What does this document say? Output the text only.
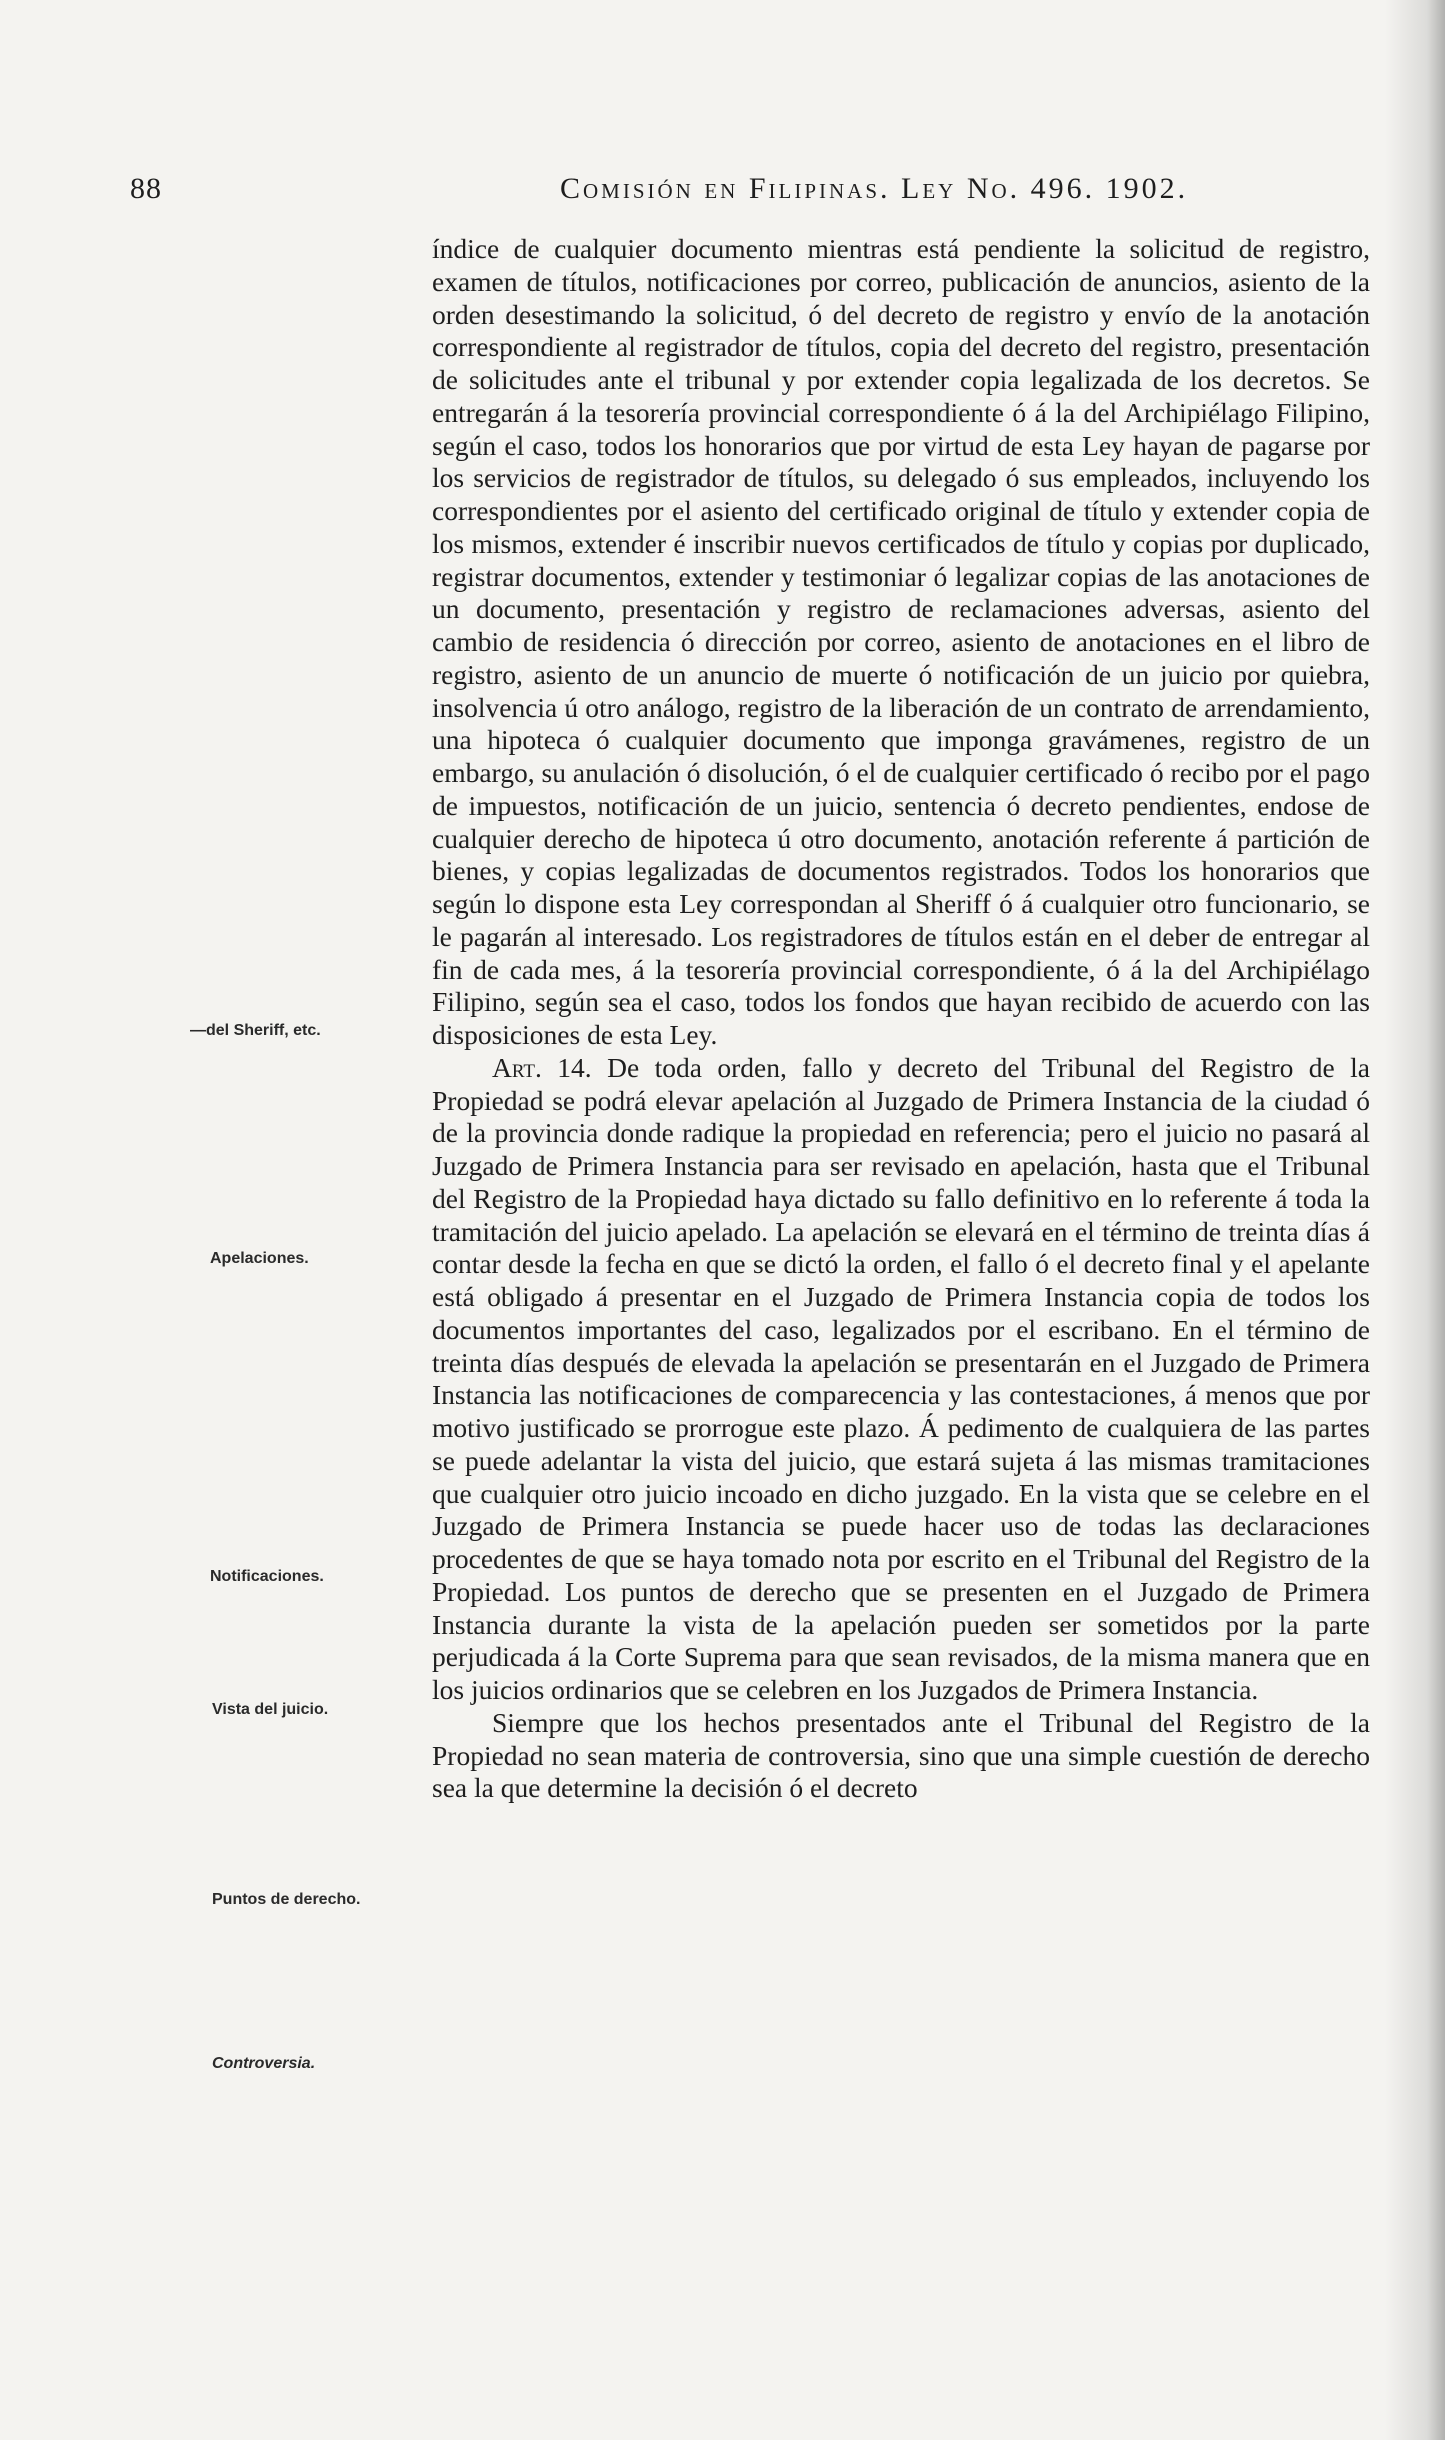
88	Comisión en Filipinas. Ley No. 496. 1902.
—del Sheriff, etc.
Apelaciones.
Notificaciones.
Vista del juicio.
Puntos de derecho.
Controversia.

índice de cualquier documento mientras está pendiente la solicitud de registro, examen de títulos, notificaciones por correo, publicación de anuncios, asiento de la orden desestimando la solicitud, ó del decreto de registro y envío de la anotación correspondiente al registrador de títulos, copia del decreto del registro, presentación de solicitudes ante el tribunal y por extender copia legalizada de los decretos. Se entregarán á la tesorería provincial correspondiente ó á la del Archipiélago Filipino, según el caso, todos los honorarios que por virtud de esta Ley hayan de pagarse por los servicios de registrador de títulos, su delegado ó sus empleados, incluyendo los correspondientes por el asiento del certificado original de título y extender copia de los mismos, extender é inscribir nuevos certificados de título y copias por duplicado, registrar documentos, extender y testimoniar ó legalizar copias de las anotaciones de un documento, presentación y registro de reclamaciones adversas, asiento del cambio de residencia ó dirección por correo, asiento de anotaciones en el libro de registro, asiento de un anuncio de muerte ó notificación de un juicio por quiebra, insolvencia ú otro análogo, registro de la liberación de un contrato de arrendamiento, una hipoteca ó cualquier documento que imponga gravámenes, registro de un embargo, su anulación ó disolución, ó el de cualquier certificado ó recibo por el pago de impuestos, notificación de un juicio, sentencia ó decreto pendientes, endose de cualquier derecho de hipoteca ú otro documento, anotación referente á partición de bienes, y copias legalizadas de documentos registrados. Todos los honorarios que según lo dispone esta Ley correspondan al Sheriff ó á cualquier otro funcionario, se le pagarán al interesado. Los registradores de títulos están en el deber de entregar al fin de cada mes, á la tesorería provincial correspondiente, ó á la del Archipiélago Filipino, según sea el caso, todos los fondos que hayan recibido de acuerdo con las disposiciones de esta Ley.

Art. 14. De toda orden, fallo y decreto del Tribunal del Registro de la Propiedad se podrá elevar apelación al Juzgado de Primera Instancia de la ciudad ó de la provincia donde radique la propiedad en referencia; pero el juicio no pasará al Juzgado de Primera Instancia para ser revisado en apelación, hasta que el Tribunal del Registro de la Propiedad haya dictado su fallo definitivo en lo referente á toda la tramitación del juicio apelado. La apelación se elevará en el término de treinta días á contar desde la fecha en que se dictó la orden, el fallo ó el decreto final y el apelante está obligado á presentar en el Juzgado de Primera Instancia copia de todos los documentos importantes del caso, legalizados por el escribano. En el término de treinta días después de elevada la apelación se presentarán en el Juzgado de Primera Instancia las notificaciones de comparecencia y las contestaciones, á menos que por motivo justificado se prorrogue este plazo. Á pedimento de cualquiera de las partes se puede adelantar la vista del juicio, que estará sujeta á las mismas tramitaciones que cualquier otro juicio incoado en dicho juzgado. En la vista que se celebre en el Juzgado de Primera Instancia se puede hacer uso de todas las declaraciones procedentes de que se haya tomado nota por escrito en el Tribunal del Registro de la Propiedad. Los puntos de derecho que se presenten en el Juzgado de Primera Instancia durante la vista de la apelación pueden ser sometidos por la parte perjudicada á la Corte Suprema para que sean revisados, de la misma manera que en los juicios ordinarios que se celebren en los Juzgados de Primera Instancia.

Siempre que los hechos presentados ante el Tribunal del Registro de la Propiedad no sean materia de controversia, sino que una simple cuestión de derecho sea la que determine la decisión ó el decreto
